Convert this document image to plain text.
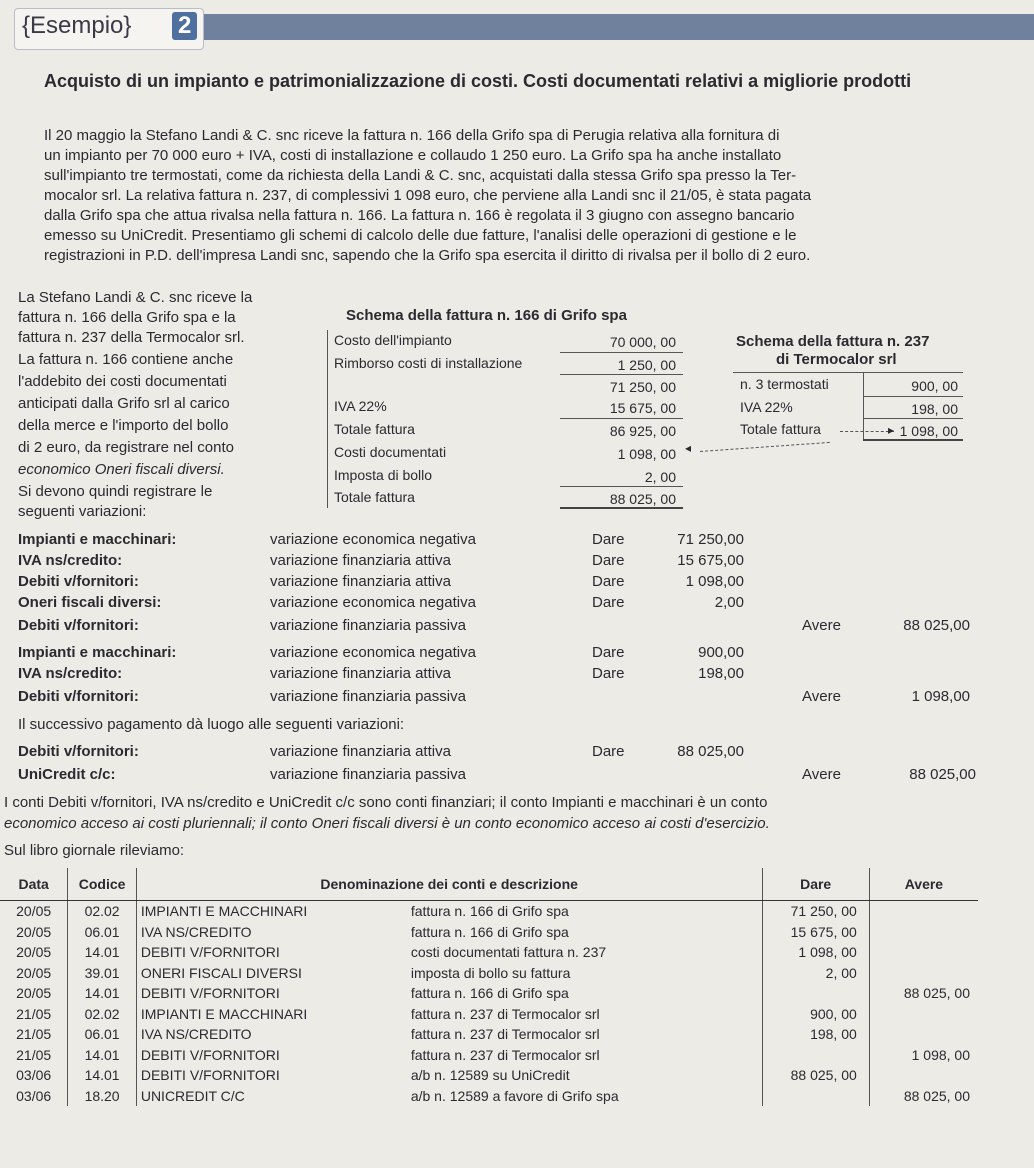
{Esempio} 2
Acquisto di un impianto e patrimonializzazione di costi. Costi documentati relativi a migliorie prodotti
Il 20 maggio la Stefano Landi & C. snc riceve la fattura n. 166 della Grifo spa di Perugia relativa alla fornitura di
un impianto per 70 000 euro + IVA, costi di installazione e collaudo 1 250 euro. La Grifo spa ha anche installato
sull'impianto tre termostati, come da richiesta della Landi & C. snc, acquistati dalla stessa Grifo spa presso la Ter-
mocalor srl. La relativa fattura n. 237, di complessivi 1 098 euro, che perviene alla Landi snc il 21/05, è stata pagata
dalla Grifo spa che attua rivalsa nella fattura n. 166. La fattura n. 166 è regolata il 3 giugno con assegno bancario
emesso su UniCredit. Presentiamo gli schemi di calcolo delle due fatture, l'analisi delle operazioni di gestione e le
registrazioni in P.D. dell'impresa Landi snc, sapendo che la Grifo spa esercita il diritto di rivalsa per il bollo di 2 euro.
La Stefano Landi & C. snc riceve la
fattura n. 166 della Grifo spa e la
fattura n. 237 della Termocalor srl.
La fattura n. 166 contiene anche
l'addebito dei costi documentati
anticipati dalla Grifo srl al carico
della merce e l'importo del bollo
di 2 euro, da registrare nel conto
economico Oneri fiscali diversi.
Si devono quindi registrare le
seguenti variazioni:
Schema della fattura n. 166 di Grifo spa
Costo dell'impianto	70 000, 00
Rimborso costi di installazione	1 250, 00
71 250, 00
IVA 22%	15 675, 00
Totale fattura	86 925, 00
Costi documentati	1 098, 00
Imposta di bollo	2, 00
Totale fattura	88 025, 00
Schema della fattura n. 237
di Termocalor srl
n. 3 termostati	900, 00
IVA 22%	198, 00
Totale fattura	1 098, 00
▸
◂
Impianti e macchinari:	variazione economica negativa	Dare	71 250,00
IVA ns/credito:	variazione finanziaria attiva	Dare	15 675,00
Debiti v/fornitori:	variazione finanziaria attiva	Dare	1 098,00
Oneri fiscali diversi:	variazione economica negativa	Dare	2,00
Debiti v/fornitori:	variazione finanziaria passiva	Avere	88 025,00
Impianti e macchinari:	variazione economica negativa	Dare	900,00
IVA ns/credito:	variazione finanziaria attiva	Dare	198,00
Debiti v/fornitori:	variazione finanziaria passiva	Avere	1 098,00
Il successivo pagamento dà luogo alle seguenti variazioni:
Debiti v/fornitori:	variazione finanziaria attiva	Dare	88 025,00
UniCredit c/c:	variazione finanziaria passiva	Avere	88 025,00
I conti Debiti v/fornitori, IVA ns/credito e UniCredit c/c sono conti finanziari; il conto Impianti e macchinari è un conto
economico acceso ai costi pluriennali; il conto Oneri fiscali diversi è un conto economico acceso ai costi d'esercizio.
Sul libro giornale rileviamo:
Data	Codice	Denominazione dei conti e descrizione	Dare	Avere
20/05	02.02	IMPIANTI E MACCHINARI fattura n. 166 di Grifo spa	71 250, 00	
20/05	06.01	IVA NS/CREDITO fattura n. 166 di Grifo spa	15 675, 00	
20/05	14.01	DEBITI V/FORNITORI costi documentati fattura n. 237	1 098, 00	
20/05	39.01	ONERI FISCALI DIVERSI imposta di bollo su fattura	2, 00	
20/05	14.01	DEBITI V/FORNITORI fattura n. 166 di Grifo spa		88 025, 00
21/05	02.02	IMPIANTI E MACCHINARI fattura n. 237 di Termocalor srl	900, 00	
21/05	06.01	IVA NS/CREDITO fattura n. 237 di Termocalor srl	198, 00	
21/05	14.01	DEBITI V/FORNITORI fattura n. 237 di Termocalor srl		1 098, 00
03/06	14.01	DEBITI V/FORNITORI a/b n. 12589 su UniCredit	88 025, 00	
03/06	18.20	UNICREDIT C/C a/b n. 12589 a favore di Grifo spa		88 025, 00
